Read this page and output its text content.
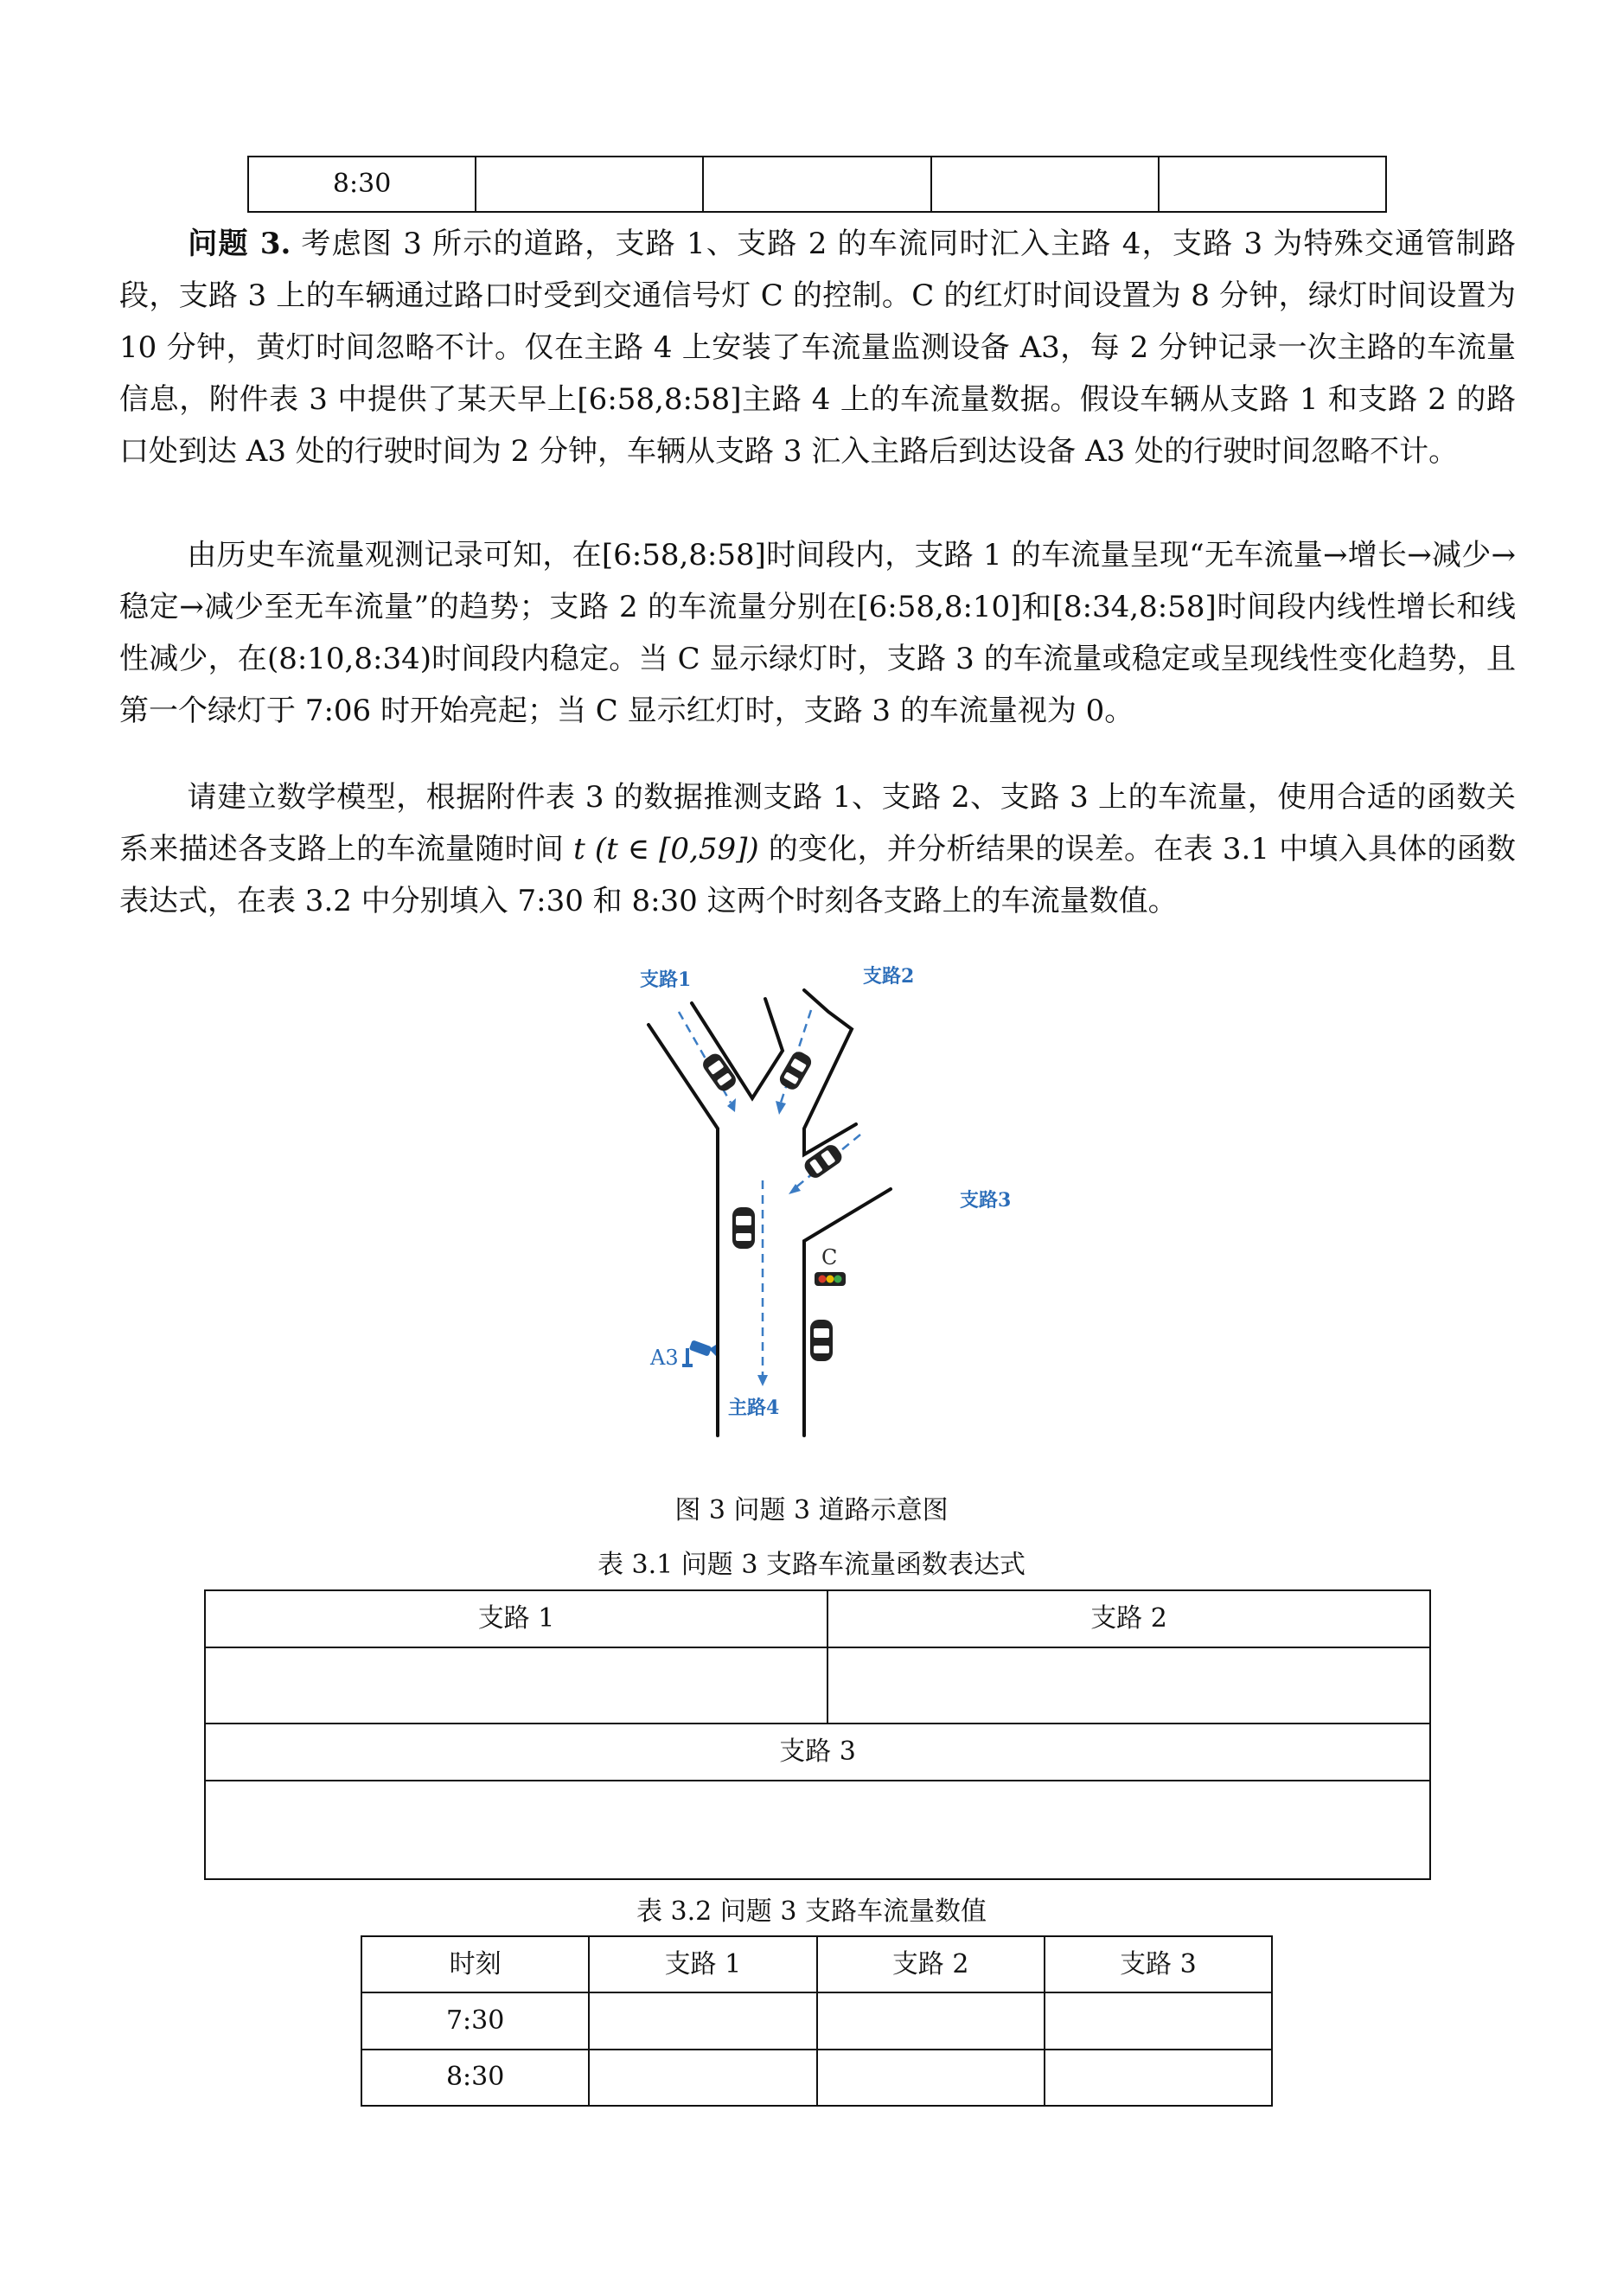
8:30				

问题 3. 考虑图 3 所示的道路，支路 1、支路 2 的车流同时汇入主路 4，支路 3 为特殊交通管制路段，支路 3 上的车辆通过路口时受到交通信号灯 C 的控制。C 的红灯时间设置为 8 分钟，绿灯时间设置为 10 分钟，黄灯时间忽略不计。仅在主路 4 上安装了车流量监测设备 A3，每 2 分钟记录一次主路的车流量信息，附件表 3 中提供了某天早上[6:58,8:58]主路 4 上的车流量数据。假设车辆从支路 1 和支路 2 的路口处到达 A3 处的行驶时间为 2 分钟，车辆从支路 3 汇入主路后到达设备 A3 处的行驶时间忽略不计。

由历史车流量观测记录可知，在[6:58,8:58]时间段内，支路 1 的车流量呈现“无车流量→增长→减少→稳定→减少至无车流量”的趋势；支路 2 的车流量分别在[6:58,8:10]和[8:34,8:58]时间段内线性增长和线性减少，在(8:10,8:34)时间段内稳定。当 C 显示绿灯时，支路 3 的车流量或稳定或呈现线性变化趋势，且第一个绿灯于 7:06 时开始亮起；当 C 显示红灯时，支路 3 的车流量视为 0。

请建立数学模型，根据附件表 3 的数据推测支路 1、支路 2、支路 3 上的车流量，使用合适的函数关系来描述各支路上的车流量随时间 t (t ∈ [0,59]) 的变化，并分析结果的误差。在表 3.1 中填入具体的函数表达式，在表 3.2 中分别填入 7:30 和 8:30 这两个时刻各支路上的车流量数值。

C
A3
支路1	支路2
支路3
主路4

图 3 问题 3 道路示意图

表 3.1 问题 3 支路车流量函数表达式

支路 1	支路 2

支路 3	

表 3.2 问题 3 支路车流量数值

时刻	支路 1	支路 2	支路 3
7:30			
8:30			
